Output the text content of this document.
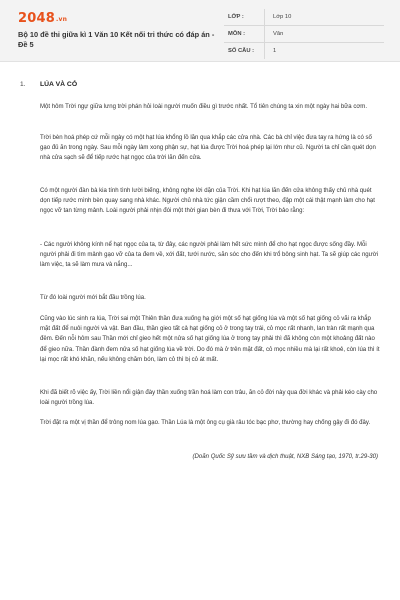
2048.vn
Bộ 10 đề thi giữa kì 1 Văn 10 Kết nối tri thức có đáp án - Đề 5
LỚP :	Lớp 10
MÔN :	Văn
SỐ CÂU :	1
1. LÚA VÀ CỎ

Một hôm Trời ngự giữa lưng trời phán hỏi loài người muốn điều gì trước nhất. Tổ tiên chúng ta xin một ngày hai bữa cơm.

Trời bèn hoá phép cứ mỗi ngày có một hạt lúa khổng lồ lăn qua khắp các cửa nhà. Các bà chỉ việc đưa tay ra hứng là có số gạo đủ ăn trong ngày. Sau mỗi ngày làm xong phận sự, hạt lúa được Trời hoá phép lại lớn như cũ. Người ta chỉ cần quét dọn nhà cửa sạch sẽ để tiếp rước hạt ngọc của trời lăn đến cửa.

Có một người đàn bà kia tính tình lười biếng, không nghe lời dặn của Trời. Khi hạt lúa lăn đến cửa không thấy chủ nhà quét dọn tiếp rước mình bèn quay sang nhà khác. Người chủ nhà tức giận cầm chổi rượt theo, đập một cái thật mạnh làm cho hạt ngọc vỡ tan từng mảnh. Loài người phải nhịn đói một thời gian bèn đi thưa với Trời, Trời bảo rằng:

- Các người không kính nể hạt ngọc của ta, từ đây, các người phải làm hết sức mình để cho hạt ngọc được sống đầy. Mỗi người phải đi tìm mảnh gạo vỡ của ta đem về, xới đất, tưới nước, săn sóc cho đến khi trổ bông sinh hạt. Ta sẽ giúp các người làm việc, ta sẽ làm mưa và nắng...

Từ đó loài người mới bắt đầu trồng lúa.

Cũng vào lúc sinh ra lúa, Trời sai một Thiên thần đưa xuống hạ giới một số hạt giống lúa và một số hạt giống cỏ vãi ra khắp mặt đất để nuôi người và vật. Ban đầu, thần gieo tất cả hạt giống cỏ ở trong tay trái, cỏ mọc rất nhanh, lan tràn rất mạnh qua đêm. Đến nỗi hôm sau Thần mới chỉ gieo hết một nửa số hạt giống lúa ở trong tay phải thì đã không còn một khoảng đất nào để gieo nữa. Thần đành đem nửa số hạt giống lúa về trời. Do đó mà ở trên mặt đất, cỏ mọc nhiều mà lại rất khoẻ, còn lúa thì ít lại mọc rất khó khăn, nếu không chăm bón, làm cỏ thì bị cỏ át mất.

Khi đã biết rõ việc ấy, Trời liền nổi giận đày thần xuống trần hoá làm con trâu, ăn cỏ đời này qua đời khác và phải kéo cày cho loài người trồng lúa.

Trời đặt ra một vị thần để trông nom lúa gạo. Thần Lúa là một ông cụ già râu tóc bạc phơ, thường hay chống gậy đi đó đây.

(Doãn Quốc Sỹ sưu tầm và dịch thuật, NXB Sáng tạo, 1970, tr.29-30)
